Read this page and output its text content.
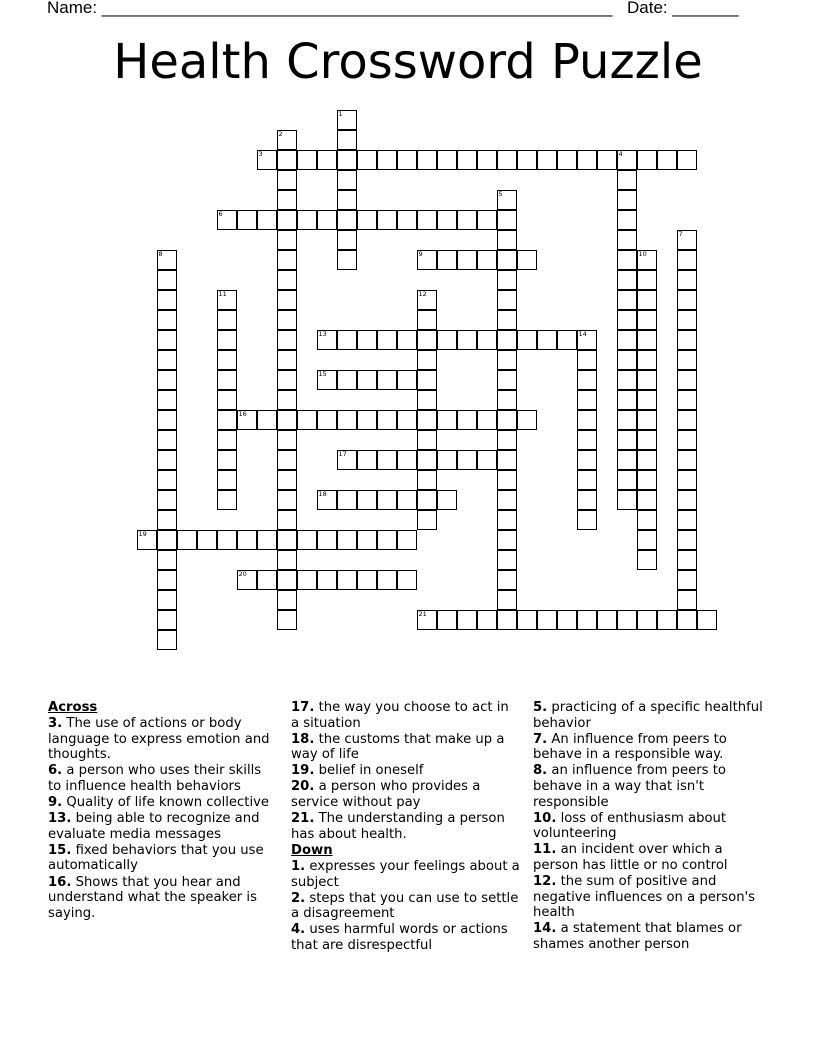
Name: ______________________________________________________ Date: _______
Health Crossword Puzzle
1
2
3	4
5
6
7
8	9	10
11	12
13	14
15
16
17
18
19
20
21

Across

3. The use of actions or body language to express emotion and thoughts.

6. a person who uses their skills to influence health behaviors

9. Quality of life known collective

13. being able to recognize and evaluate media messages

15. fixed behaviors that you use automatically

16. Shows that you hear and understand what the speaker is saying.

17. the way you choose to act in a situation

18. the customs that make up a way of life

19. belief in oneself

20. a person who provides a service without pay

21. The understanding a person has about health.

Down

1. expresses your feelings about a subject

2. steps that you can use to settle a disagreement

4. uses harmful words or actions that are disrespectful

5. practicing of a specific healthful behavior

7. An influence from peers to behave in a responsible way.

8. an influence from peers to behave in a way that isn't responsible

10. loss of enthusiasm about volunteering

11. an incident over which a person has little or no control

12. the sum of positive and negative influences on a person's health

14. a statement that blames or shames another person
